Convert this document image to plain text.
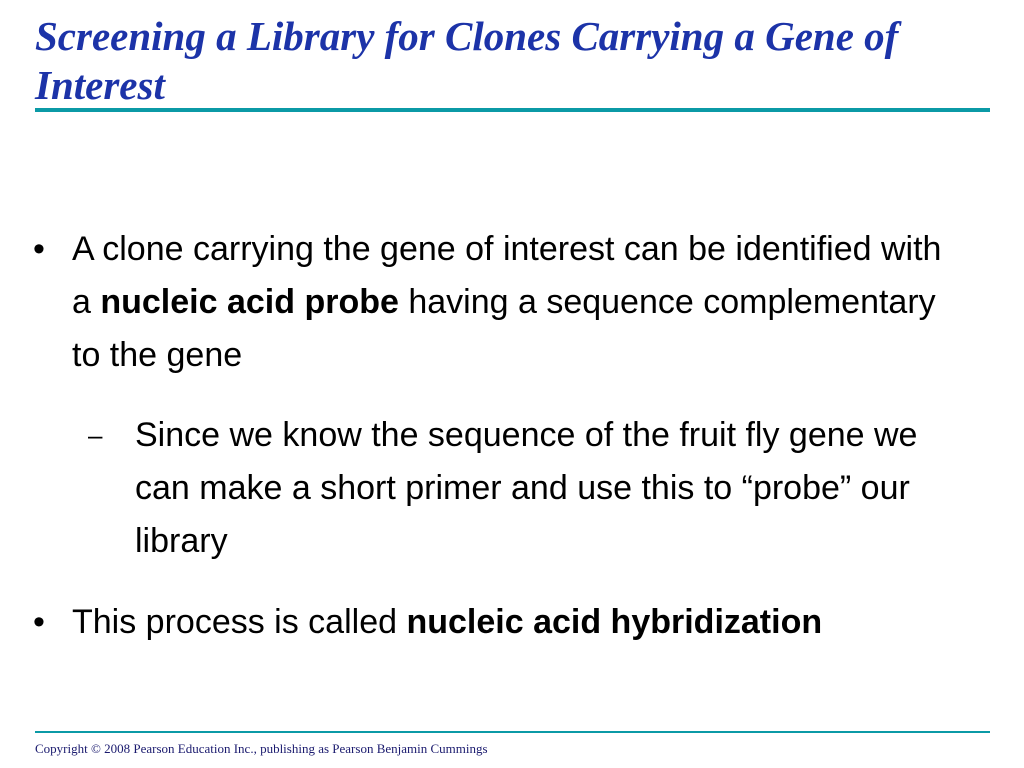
Screening a Library for Clones Carrying a Gene of Interest
• A clone carrying the gene of interest can be identified with a nucleic acid probe having a sequence complementary to the gene
– Since we know the sequence of the fruit fly gene we can make a short primer and use this to “probe” our library
• This process is called nucleic acid hybridization
Copyright © 2008 Pearson Education Inc., publishing as Pearson Benjamin Cummings
